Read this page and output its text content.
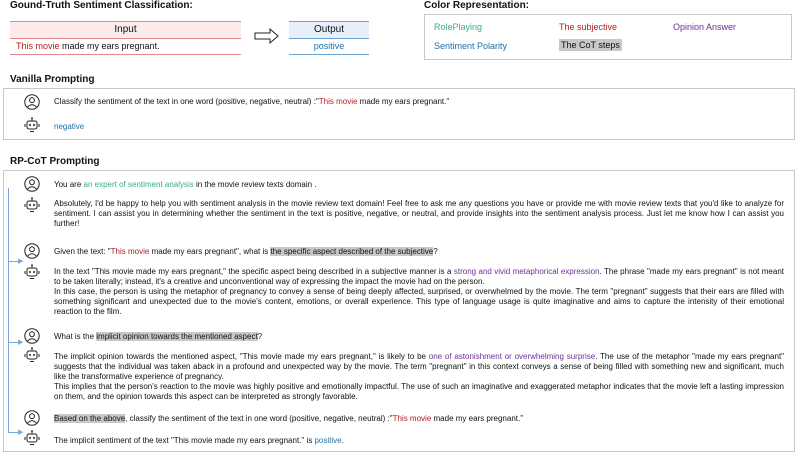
Gound-Truth Sentiment Classification:
Input
This movie made my ears pregnant.
Output
positive
Color Representation:
RolePlaying	The subjective	Opinion Answer
Sentiment Polarity	The CoT steps
Vanilla Prompting
Classify the sentiment of the text in one word (positive, negative, neutral) :"This movie made my ears pregnant."
negative
RP-CoT Prompting
▶
▶
▶
You are an expert of sentiment analysis in the movie review texts domain .
Absolutely, I'd be happy to help you with sentiment analysis in the movie review text domain! Feel free to ask me any questions you have or provide me with movie review texts that you'd like to analyze for sentiment. I can assist you in determining whether the sentiment in the text is positive, negative, or neutral, and provide insights into the sentiment analysis process. Just let me know how I can assist you further!
Given the text: "This movie made my ears pregnant", what is the specific aspect described of the subjective?
In the text "This movie made my ears pregnant," the specific aspect being described in a subjective manner is a strong and vivid metaphorical expression. The phrase "made my ears pregnant" is not meant to be taken literally; instead, it's a creative and unconventional way of expressing the impact the movie had on the person.
In this case, the person is using the metaphor of pregnancy to convey a sense of being deeply affected, surprised, or overwhelmed by the movie. The term "pregnant" suggests that their ears are filled with something significant and unexpected due to the movie's content, emotions, or overall experience. This type of language usage is quite imaginative and aims to capture the intensity of their emotional reaction to the film.
What is the implicit opinion towards the mentioned aspect?
The implicit opinion towards the mentioned aspect, "This movie made my ears pregnant," is likely to be one of astonishment or overwhelming surprise. The use of the metaphor "made my ears pregnant" suggests that the individual was taken aback in a profound and unexpected way by the movie. The term "pregnant" in this context conveys a sense of being filled with something new and significant, much like the transformative experience of pregnancy.
This implies that the person's reaction to the movie was highly positive and emotionally impactful. The use of such an imaginative and exaggerated metaphor indicates that the movie left a lasting impression on them, and the opinion towards this aspect can be interpreted as strongly favorable.
Based on the above, classify the sentiment of the text in one word (positive, negative, neutral) :"This movie made my ears pregnant."
The implicit sentiment of the text "This movie made my ears pregnant." is positive.
